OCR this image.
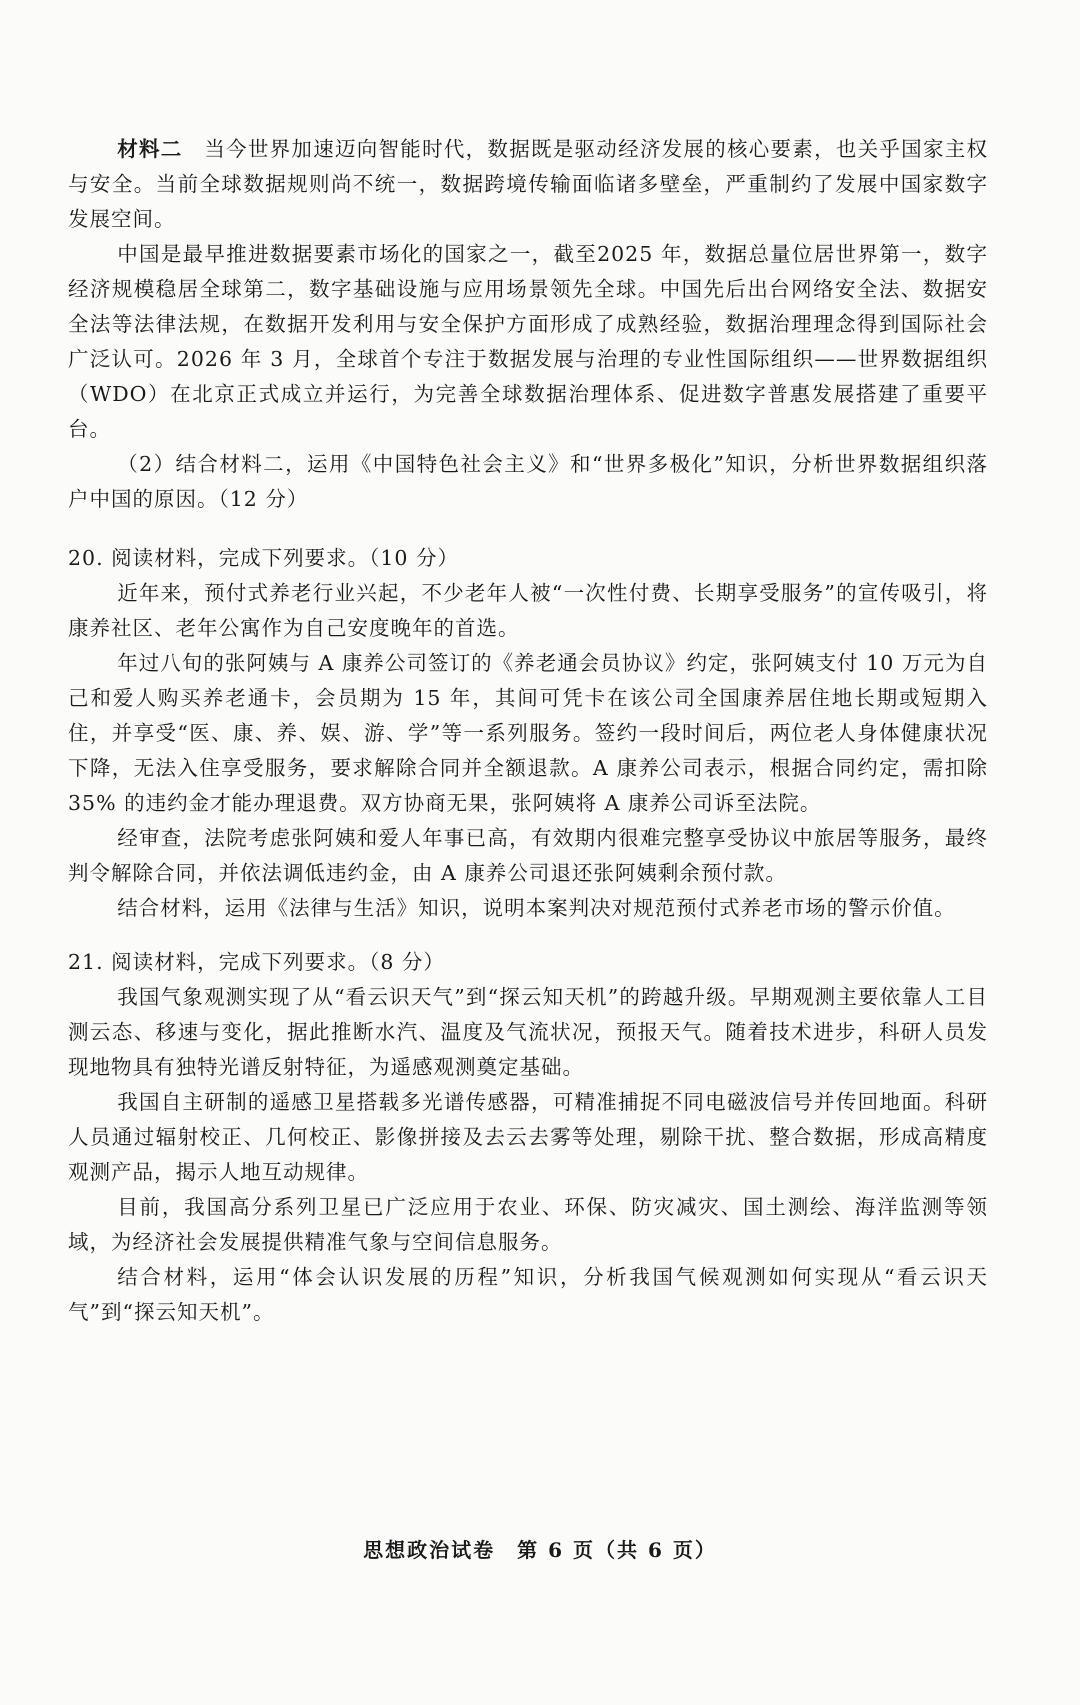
材料二　 当今世界加速迈向智能时代，数据既是驱动经济发展的核心要素，也关乎国家主权与安全。当前全球数据规则尚不统一，数据跨境传输面临诸多壁垒，严重制约了发展中国家数字发展空间。

中国是最早推进数据要素市场化的国家之一，截至2025 年，数据总量位居世界第一，数字经济规模稳居全球第二，数字基础设施与应用场景领先全球。中国先后出台网络安全法、数据安全法等法律法规，在数据开发利用与安全保护方面形成了成熟经验，数据治理理念得到国际社会广泛认可。2026 年 3 月，全球首个专注于数据发展与治理的专业性国际组织——世界数据组织（WDO）在北京正式成立并运行，为完善全球数据治理体系、促进数字普惠发展搭建了重要平台。

（2）结合材料二，运用《中国特色社会主义》和“世界多极化”知识，分析世界数据组织落户中国的原因。（12 分）

20. 阅读材料，完成下列要求。（10 分）

近年来，预付式养老行业兴起，不少老年人被“一次性付费、长期享受服务”的宣传吸引，将康养社区、老年公寓作为自己安度晚年的首选。

年过八旬的张阿姨与 A 康养公司签订的《养老通会员协议》约定，张阿姨支付 10 万元为自己和爱人购买养老通卡，会员期为 15 年，其间可凭卡在该公司全国康养居住地长期或短期入住，并享受“医、康、养、娱、游、学”等一系列服务。签约一段时间后，两位老人身体健康状况下降，无法入住享受服务，要求解除合同并全额退款。A 康养公司表示，根据合同约定，需扣除 35% 的违约金才能办理退费。双方协商无果，张阿姨将 A 康养公司诉至法院。

经审查，法院考虑张阿姨和爱人年事已高，有效期内很难完整享受协议中旅居等服务，最终判令解除合同，并依法调低违约金，由 A 康养公司退还张阿姨剩余预付款。

结合材料，运用《法律与生活》知识，说明本案判决对规范预付式养老市场的警示价值。

21. 阅读材料，完成下列要求。（8 分）

我国气象观测实现了从“看云识天气”到“探云知天机”的跨越升级。早期观测主要依靠人工目测云态、移速与变化，据此推断水汽、温度及气流状况，预报天气。随着技术进步，科研人员发现地物具有独特光谱反射特征，为遥感观测奠定基础。

我国自主研制的遥感卫星搭载多光谱传感器，可精准捕捉不同电磁波信号并传回地面。科研人员通过辐射校正、几何校正、影像拼接及去云去雾等处理，剔除干扰、整合数据，形成高精度观测产品，揭示人地互动规律。

目前，我国高分系列卫星已广泛应用于农业、环保、防灾减灾、国土测绘、海洋监测等领域，为经济社会发展提供精准气象与空间信息服务。

结合材料，运用“体会认识发展的历程”知识，分析我国气候观测如何实现从“看云识天气”到“探云知天机”。

思想政治试卷　第 6 页（共 6 页）
